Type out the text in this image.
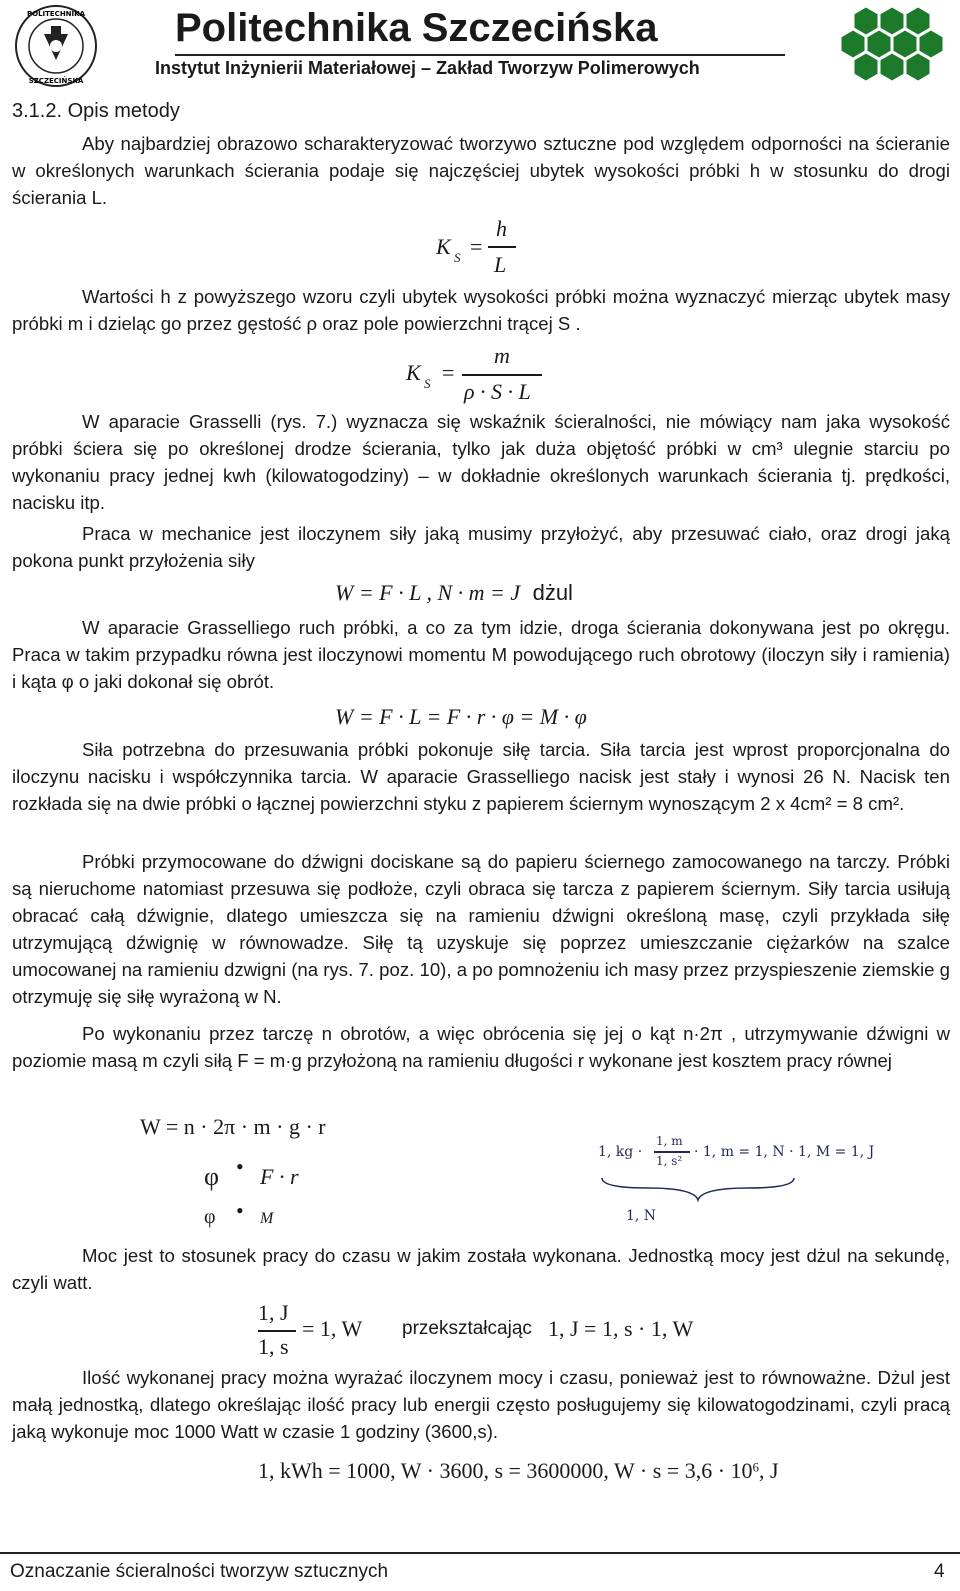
POLITECHNIKA
SZCZECIŃSKA
Politechnika Szczecińska
Instytut Inżynierii Materiałowej – Zakład Tworzyw Polimerowych
3.1.2. Opis metody
Aby najbardziej obrazowo scharakteryzować tworzywo sztuczne pod względem odporności na ścieranie w określonych warunkach ścierania podaje się najczęściej ubytek wysokości próbki h w stosunku do drogi ścierania L.
K S =
h
L
Wartości h z powyższego wzoru czyli ubytek wysokości próbki można wyznaczyć mierząc ubytek masy próbki m i dzieląc go przez gęstość ρ oraz pole powierzchni trącej S .
K S =
m
ρ · S · L
W aparacie Grasselli (rys. 7.) wyznacza się wskaźnik ścieralności, nie mówiący nam jaka wysokość próbki ściera się po określonej drodze ścierania, tylko jak duża objętość próbki w cm³ ulegnie starciu po wykonaniu pracy jednej kwh (kilowatogodziny) – w dokładnie określonych warunkach ścierania tj. prędkości, nacisku itp.
Praca w mechanice jest iloczynem siły jaką musimy przyłożyć, aby przesuwać ciało, oraz drogi jaką pokona punkt przyłożenia siły
W = F · L , N · m = J dżul
W aparacie Grasselliego ruch próbki, a co za tym idzie, droga ścierania dokonywana jest po okręgu. Praca w takim przypadku równa jest iloczynowi momentu M powodującego ruch obrotowy (iloczyn siły i ramienia) i kąta φ o jaki dokonał się obrót.
W = F · L = F · r · φ = M · φ
Siła potrzebna do przesuwania próbki pokonuje siłę tarcia. Siła tarcia jest wprost proporcjonalna do iloczynu nacisku i współczynnika tarcia. W aparacie Grasselliego nacisk jest stały i wynosi 26 N. Nacisk ten rozkłada się na dwie próbki o łącznej powierzchni styku z papierem ściernym wynoszącym 2 x 4cm² = 8 cm².
Próbki przymocowane do dźwigni dociskane są do papieru ściernego zamocowanego na tarczy. Próbki są nieruchome natomiast przesuwa się podłoże, czyli obraca się tarcza z papierem ściernym. Siły tarcia usiłują obracać całą dźwignie, dlatego umieszcza się na ramieniu dźwigni określoną masę, czyli przykłada siłę utrzymującą dźwignię w równowadze. Siłę tą uzyskuje się poprzez umieszczanie ciężarków na szalce umocowanej na ramieniu dzwigni (na rys. 7. poz. 10), a po pomnożeniu ich masy przez przyspieszenie ziemskie g otrzymuję się siłę wyrażoną w N.
Po wykonaniu przez tarczę n obrotów, a więc obrócenia się jej o kąt n·2π , utrzymywanie dźwigni w poziomie masą m czyli siłą F = m·g przyłożoną na ramieniu długości r wykonane jest kosztem pracy równej
W = n · 2π · m · g · r
φ • F · r
φ • M
1, kg ·
1, m
1, s²
· 1, m = 1, N · 1, M = 1, J
1, N
Moc jest to stosunek pracy do czasu w jakim została wykonana. Jednostką mocy jest dżul na sekundę, czyli watt.
1, J
1, s
= 1, W przekształcając 1, J = 1, s · 1, W
Ilość wykonanej pracy można wyrażać iloczynem mocy i czasu, ponieważ jest to równoważne. Dżul jest małą jednostką, dlatego określając ilość pracy lub energii często posługujemy się kilowatogodzinami, czyli pracą jaką wykonuje moc 1000 Watt w czasie 1 godziny (3600,s).
1, kWh = 1000, W · 3600, s = 3600000, $W \cdot s = 3,6 \cdot 10^6$, J
Oznaczanie ścieralności tworzyw sztucznych	4
